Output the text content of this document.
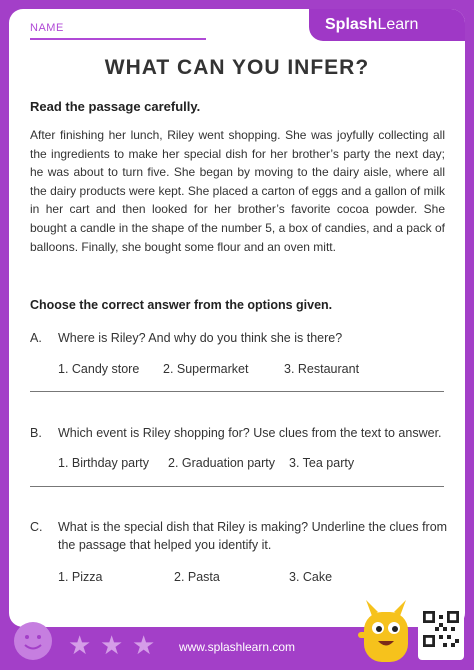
NAME	SplashLearn
WHAT CAN YOU INFER?
Read the passage carefully.
After finishing her lunch, Riley went shopping. She was joyfully collecting all the ingredients to make her special dish for her brother’s party the next day; he was about to turn five. She began by moving to the dairy aisle, where all the dairy products were kept. She placed a carton of eggs and a gallon of milk in her cart and then looked for her brother’s favorite cocoa powder. She bought a candle in the shape of the number 5, a box of candies, and a pack of balloons. Finally, she bought some flour and an oven mitt.
Choose the correct answer from the options given.
A. Where is Riley? And why do you think she is there?
1. Candy store 2. Supermarket	3. Restaurant
B. Which event is Riley shopping for? Use clues from the text to answer.
1. Birthday party 2. Graduation party 3. Tea party
C. What is the special dish that Riley is making? Underline the clues from
the passage that helped you identify it.
1. Pizza	2. Pasta	3. Cake
★ ★ ★	www.splashlearn.com
